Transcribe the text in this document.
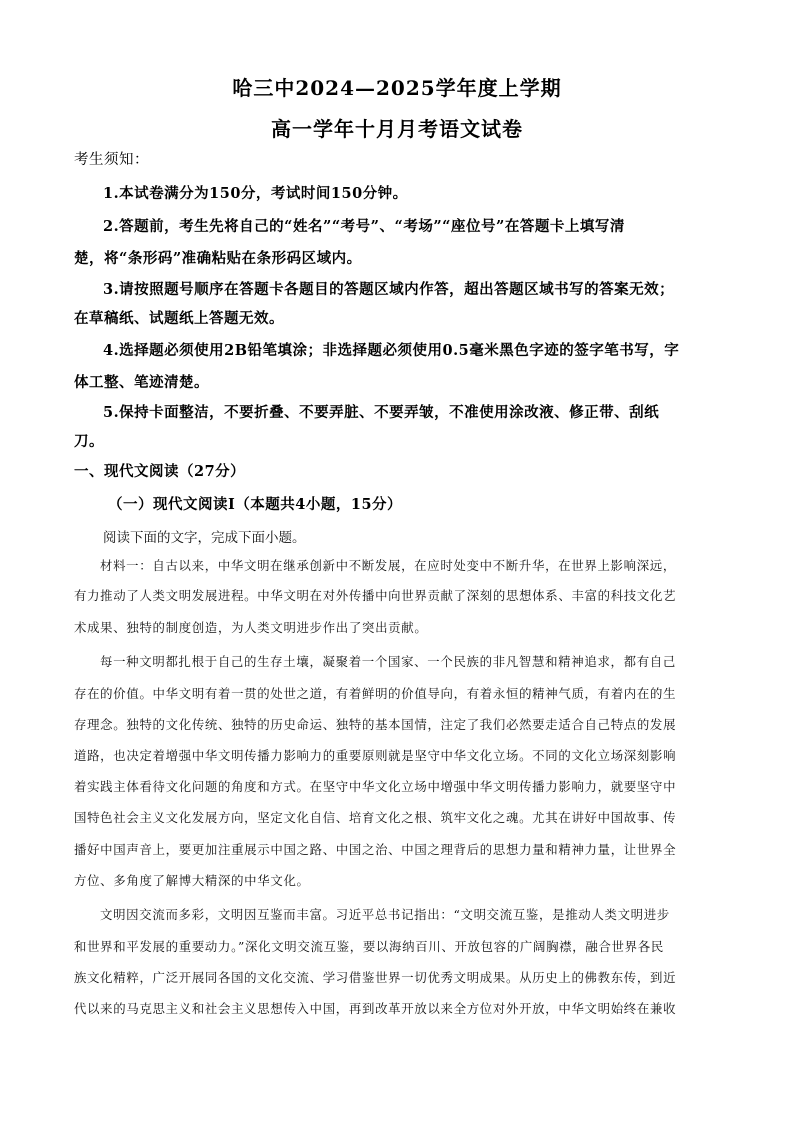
哈三中2024—2025学年度上学期
高一学年十月月考语文试卷
考生须知：
1.本试卷满分为150分，考试时间150分钟。
2.答题前，考生先将自己的“姓名”“考号”、“考场”“座位号”在答题卡上填写清
楚，将“条形码”准确粘贴在条形码区域内。
3.请按照题号顺序在答题卡各题目的答题区域内作答，超出答题区域书写的答案无效；
在草稿纸、试题纸上答题无效。
4.选择题必须使用2B铅笔填涂；非选择题必须使用0.5毫米黑色字迹的签字笔书写，字
体工整、笔迹清楚。
5.保持卡面整洁，不要折叠、不要弄脏、不要弄皱，不准使用涂改液、修正带、刮纸
刀。
一、现代文阅读（27分）
（一）现代文阅读Ⅰ（本题共4小题，15分）
阅读下面的文字，完成下面小题。
材料一：自古以来，中华文明在继承创新中不断发展，在应时处变中不断升华，在世界上影响深远，
有力推动了人类文明发展进程。中华文明在对外传播中向世界贡献了深刻的思想体系、丰富的科技文化艺
术成果、独特的制度创造，为人类文明进步作出了突出贡献。
每一种文明都扎根于自己的生存土壤，凝聚着一个国家、一个民族的非凡智慧和精神追求，都有自己
存在的价值。中华文明有着一贯的处世之道，有着鲜明的价值导向，有着永恒的精神气质，有着内在的生
存理念。独特的文化传统、独特的历史命运、独特的基本国情，注定了我们必然要走适合自己特点的发展
道路，也决定着增强中华文明传播力影响力的重要原则就是坚守中华文化立场。不同的文化立场深刻影响
着实践主体看待文化问题的角度和方式。在坚守中华文化立场中增强中华文明传播力影响力，就要坚守中
国特色社会主义文化发展方向，坚定文化自信、培育文化之根、筑牢文化之魂。尤其在讲好中国故事、传
播好中国声音上，要更加注重展示中国之路、中国之治、中国之理背后的思想力量和精神力量，让世界全
方位、多角度了解博大精深的中华文化。
文明因交流而多彩，文明因互鉴而丰富。习近平总书记指出：“文明交流互鉴，是推动人类文明进步
和世界和平发展的重要动力。”深化文明交流互鉴，要以海纳百川、开放包容的广阔胸襟，融合世界各民
族文化精粹，广泛开展同各国的文化交流、学习借鉴世界一切优秀文明成果。从历史上的佛教东传，到近
代以来的马克思主义和社会主义思想传入中国，再到改革开放以来全方位对外开放，中华文明始终在兼收
